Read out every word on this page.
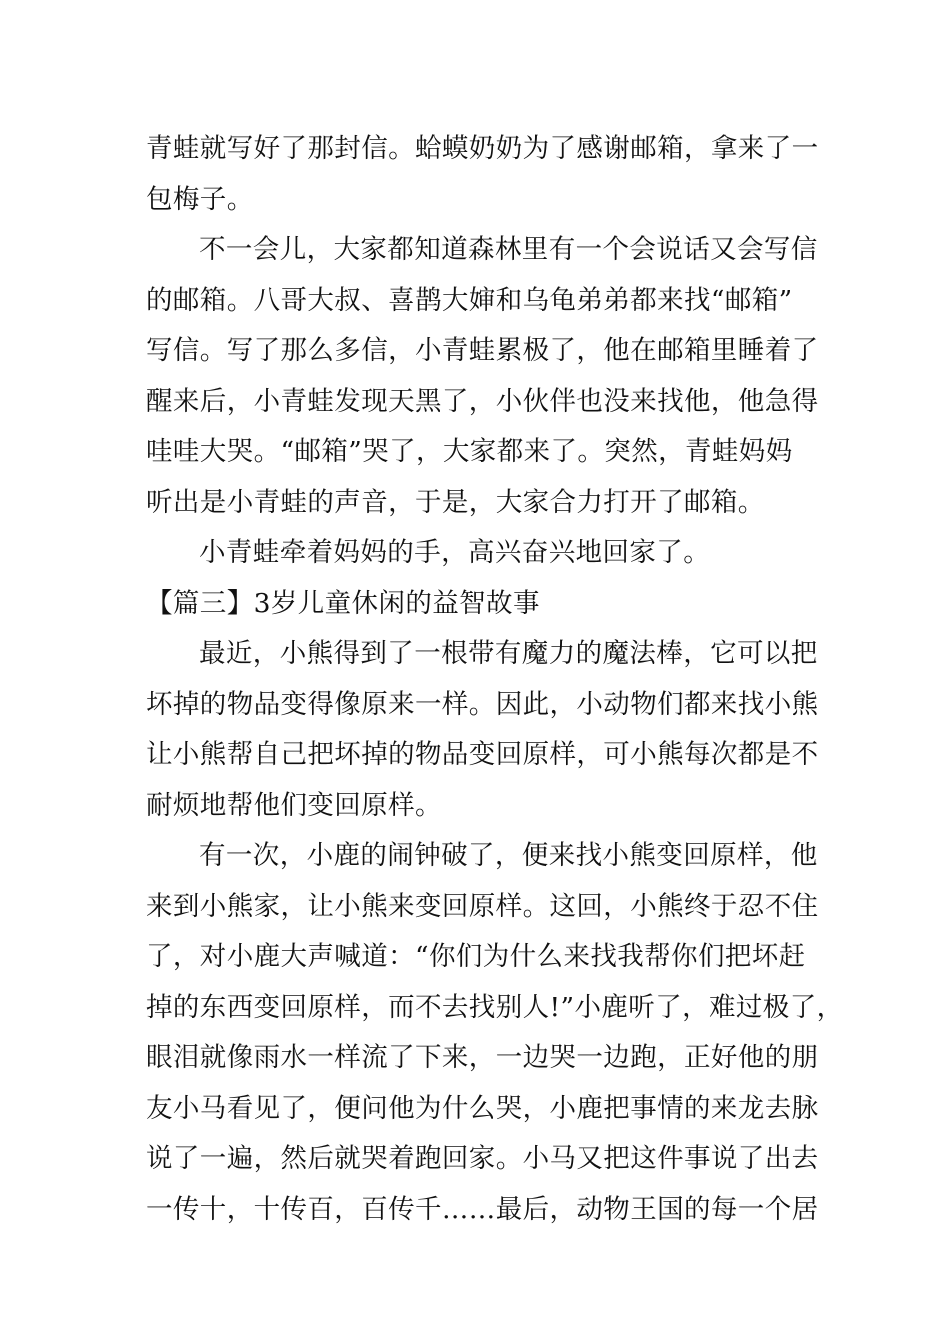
青蛙就写好了那封信。蛤蟆奶奶为了感谢邮箱，拿来了一
包梅子。
不一会儿，大家都知道森林里有一个会说话又会写信
的邮箱。八哥大叔、喜鹊大婶和乌龟弟弟都来找“邮箱”
写信。写了那么多信，小青蛙累极了，他在邮箱里睡着了
醒来后，小青蛙发现天黑了，小伙伴也没来找他，他急得
哇哇大哭。“邮箱”哭了，大家都来了。突然，青蛙妈妈
听出是小青蛙的声音，于是，大家合力打开了邮箱。
小青蛙牵着妈妈的手，高兴奋兴地回家了。
【篇三】3岁儿童休闲的益智故事
最近，小熊得到了一根带有魔力的魔法棒，它可以把
坏掉的物品变得像原来一样。因此，小动物们都来找小熊
让小熊帮自己把坏掉的物品变回原样，可小熊每次都是不
耐烦地帮他们变回原样。
有一次，小鹿的闹钟破了，便来找小熊变回原样，他
来到小熊家，让小熊来变回原样。这回，小熊终于忍不住
了，对小鹿大声喊道：“你们为什么来找我帮你们把坏赶
掉的东西变回原样，而不去找别人!”小鹿听了，难过极了，
眼泪就像雨水一样流了下来，一边哭一边跑，正好他的朋
友小马看见了，便问他为什么哭，小鹿把事情的来龙去脉
说了一遍，然后就哭着跑回家。小马又把这件事说了出去
一传十，十传百，百传千……最后，动物王国的每一个居
